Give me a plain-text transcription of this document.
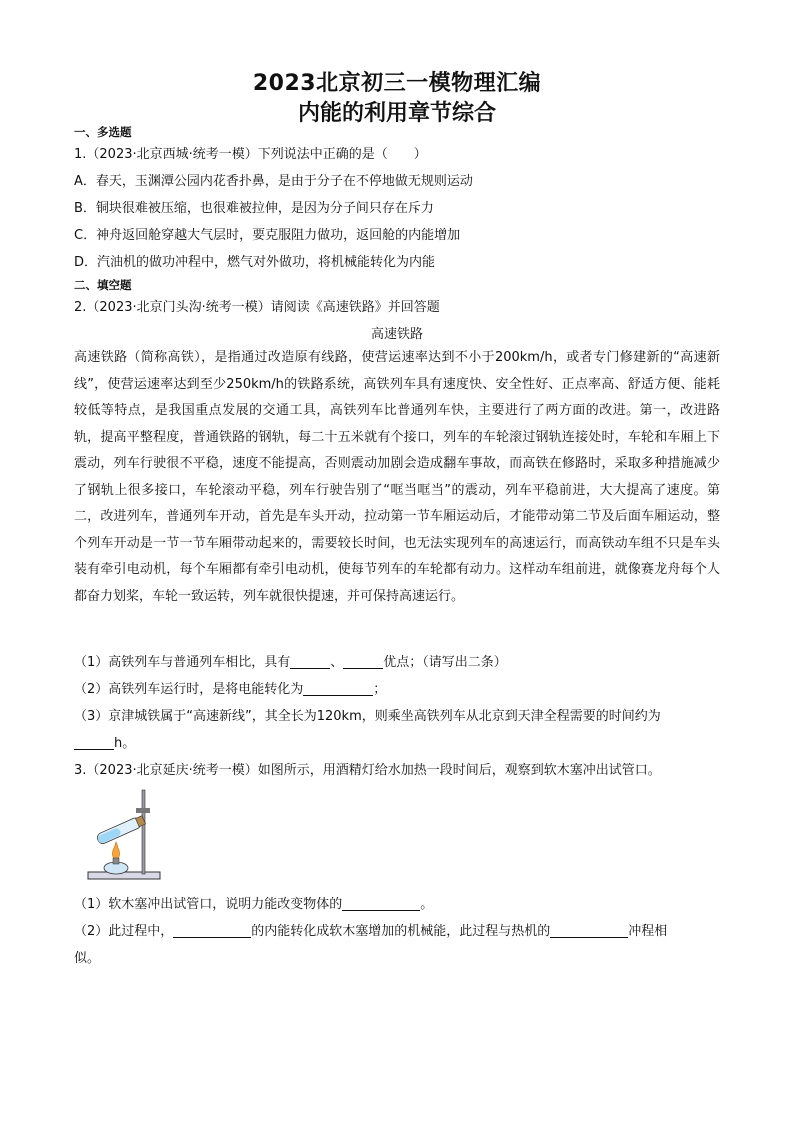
2023北京初三一模物理汇编
内能的利用章节综合
一、多选题
1.（2023·北京西城·统考一模）下列说法中正确的是（　　）
A．春天，玉渊潭公园内花香扑鼻，是由于分子在不停地做无规则运动
B．铜块很难被压缩，也很难被拉伸，是因为分子间只存在斥力
C．神舟返回舱穿越大气层时，要克服阻力做功，返回舱的内能增加
D．汽油机的做功冲程中，燃气对外做功，将机械能转化为内能
二、填空题
2.（2023·北京门头沟·统考一模）请阅读《高速铁路》并回答题
高速铁路
高速铁路（简称高铁），是指通过改造原有线路，使营运速率达到不小于200km/h，或者专门修建新的“高速新线”，使营运速率达到至少250km/h的铁路系统，高铁列车具有速度快、安全性好、正点率高、舒适方便、能耗较低等特点，是我国重点发展的交通工具，高铁列车比普通列车快，主要进行了两方面的改进。第一，改进路轨，提高平整程度，普通铁路的钢轨，每二十五米就有个接口，列车的车轮滚过钢轨连接处时，车轮和车厢上下震动，列车行驶很不平稳，速度不能提高，否则震动加剧会造成翻车事故，而高铁在修路时，采取多种措施减少了钢轨上很多接口，车轮滚动平稳，列车行驶告别了“哐当哐当”的震动，列车平稳前进，大大提高了速度。第二，改进列车，普通列车开动，首先是车头开动，拉动第一节车厢运动后，才能带动第二节及后面车厢运动，整个列车开动是一节一节车厢带动起来的，需要较长时间，也无法实现列车的高速运行，而高铁动车组不只是车头装有牵引电动机，每个车厢都有牵引电动机，使每节列车的车轮都有动力。这样动车组前进，就像赛龙舟每个人都奋力划桨，车轮一致运转，列车就很快提速，并可保持高速运行。
（1）高铁列车与普通列车相比，具有	、	优点；（请写出二条）
（2）高铁列车运行时，是将电能转化为	；
（3）京津城铁属于“高速新线”，其全长为120km，则乘坐高铁列车从北京到天津全程需要的时间约为
h。
3.（2023·北京延庆·统考一模）如图所示，用酒精灯给水加热一段时间后，观察到软木塞冲出试管口。
（1）软木塞冲出试管口，说明力能改变物体的	。
（2）此过程中，	的内能转化成软木塞增加的机械能，此过程与热机的	冲程相
似。
